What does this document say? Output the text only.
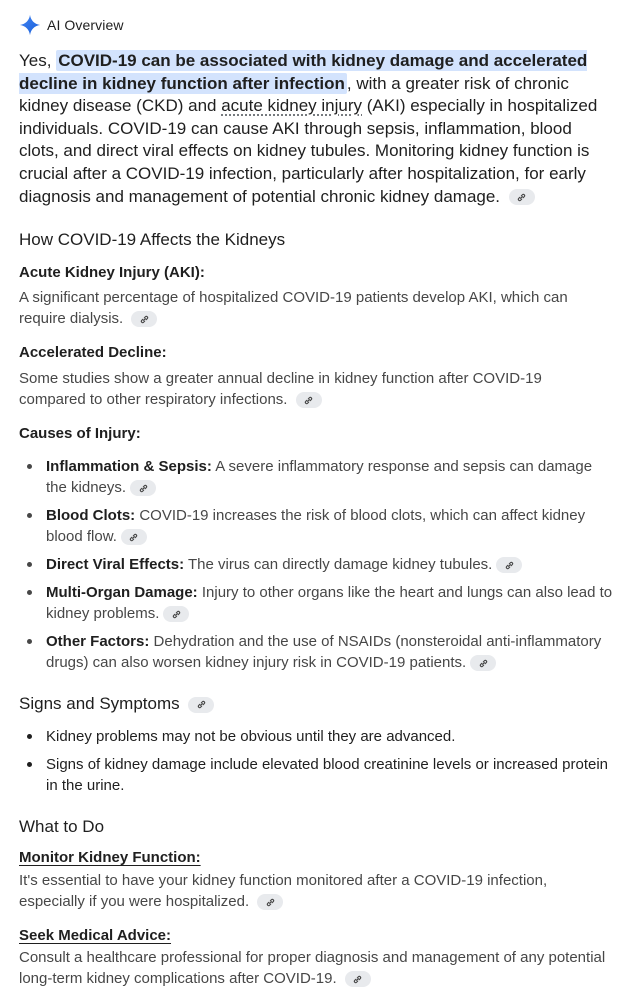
AI Overview
Yes, COVID-19 can be associated with kidney damage and accelerated decline in kidney function after infection , with a greater risk of chronic kidney disease (CKD) and acute kidney injury (AKI) especially in hospitalized individuals. COVID-19 can cause AKI through sepsis, inflammation, blood clots, and direct viral effects on kidney tubules. Monitoring kidney function is crucial after a COVID-19 infection, particularly after hospitalization, for early diagnosis and management of potential chronic kidney damage.
How COVID-19 Affects the Kidneys
Acute Kidney Injury (AKI):
A significant percentage of hospitalized COVID-19 patients develop AKI, which can require dialysis.
Accelerated Decline:
Some studies show a greater annual decline in kidney function after COVID-19 compared to other respiratory infections.
Causes of Injury:
Inflammation & Sepsis: A severe inflammatory response and sepsis can damage the kidneys.
Blood Clots: COVID-19 increases the risk of blood clots, which can affect kidney blood flow.
Direct Viral Effects: The virus can directly damage kidney tubules.
Multi-Organ Damage: Injury to other organs like the heart and lungs can also lead to kidney problems.
Other Factors: Dehydration and the use of NSAIDs (nonsteroidal anti-inflammatory drugs) can also worsen kidney injury risk in COVID-19 patients.
Signs and Symptoms
Kidney problems may not be obvious until they are advanced.
Signs of kidney damage include elevated blood creatinine levels or increased protein in the urine.
What to Do
Monitor Kidney Function:
It's essential to have your kidney function monitored after a COVID-19 infection, especially if you were hospitalized.
Seek Medical Advice:
Consult a healthcare professional for proper diagnosis and management of any potential long-term kidney complications after COVID-19.
